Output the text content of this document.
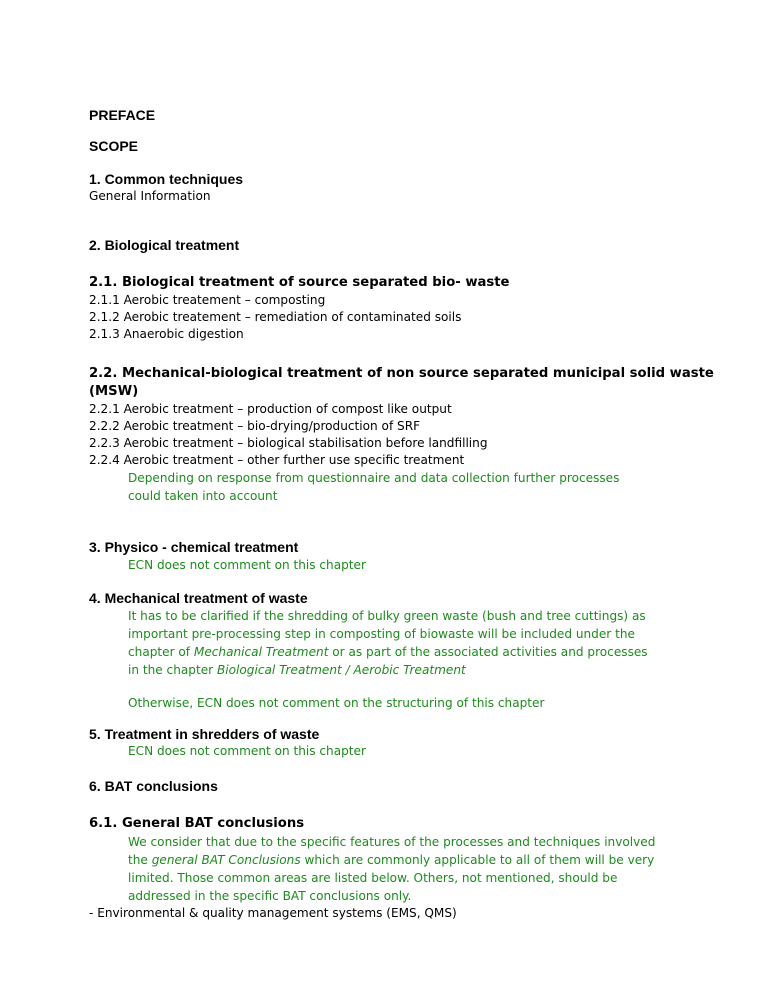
PREFACE
SCOPE
1. Common techniques
General Information
2. Biological treatment
2.1. Biological treatment of source separated bio- waste
2.1.1 Aerobic treatement – composting
2.1.2 Aerobic treatement – remediation of contaminated soils
2.1.3 Anaerobic digestion
2.2. Mechanical-biological treatment of non source separated municipal solid waste
(MSW)
2.2.1 Aerobic treatment – production of compost like output
2.2.2 Aerobic treatment – bio-drying/production of SRF
2.2.3 Aerobic treatment – biological stabilisation before landfilling
2.2.4 Aerobic treatment – other further use specific treatment
Depending on response from questionnaire and data collection further processes
could taken into account
3. Physico - chemical treatment
ECN does not comment on this chapter
4. Mechanical treatment of waste
It has to be clarified if the shredding of bulky green waste (bush and tree cuttings) as
important pre-processing step in composting of biowaste will be included under the
chapter of Mechanical Treatment or as part of the associated activities and processes
in the chapter Biological Treatment / Aerobic Treatment
Otherwise, ECN does not comment on the structuring of this chapter
5. Treatment in shredders of waste
ECN does not comment on this chapter
6. BAT conclusions
6.1. General BAT conclusions
We consider that due to the specific features of the processes and techniques involved
the general BAT Conclusions which are commonly applicable to all of them will be very
limited. Those common areas are listed below. Others, not mentioned, should be
addressed in the specific BAT conclusions only.
- Environmental & quality management systems (EMS, QMS)
